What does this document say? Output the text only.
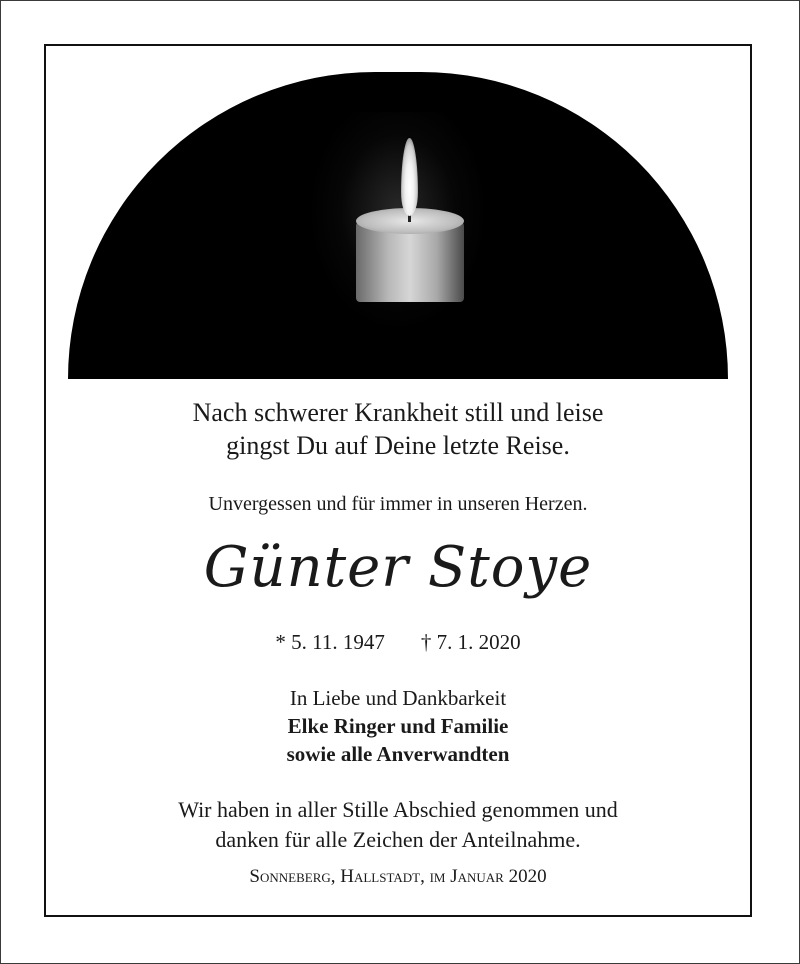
Nach schwerer Krankheit still und leise
gingst Du auf Deine letzte Reise.
Unvergessen und für immer in unseren Herzen.
Günter Stoye
* 5. 11. 1947 † 7. 1. 2020
In Liebe und Dankbarkeit
Elke Ringer und Familie
sowie alle Anverwandten
Wir haben in aller Stille Abschied genommen und
danken für alle Zeichen der Anteilnahme.
Sonneberg, Hallstadt, im Januar 2020
